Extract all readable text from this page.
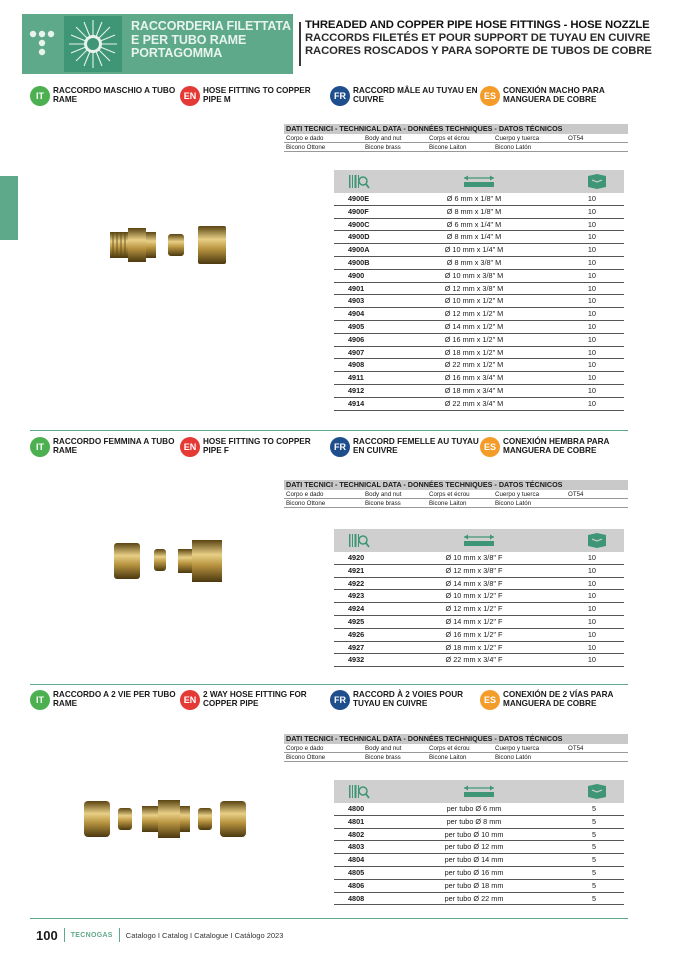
RACCORDERIA FILETTATA
E PER TUBO RAME
PORTAGOMMA
THREADED AND COPPER PIPE HOSE FITTINGS - HOSE NOZZLE
RACCORDS FILETÉS ET POUR SUPPORT DE TUYAU EN CUIVRE
RACORES ROSCADOS Y PARA SOPORTE DE TUBOS DE COBRE
IT
RACCORDO MASCHIO A TUBO
RAME	EN
HOSE FITTING TO COPPER
PIPE M	FR
RACCORD MÂLE AU TUYAU EN
CUIVRE	ES
CONEXIÓN MACHO PARA
MANGUERA DE COBRE
DATI TECNICI - TECHNICAL DATA - DONNÉES TECHNIQUES - DATOS TÉCNICOS
Corpo e dado	Body and nut	Corps et écrou	Cuerpo y tuerca	OT54
Bicono Ottone	Bicone brass	Bicone Laiton	Bicono Latón
4900E	Ø 6 mm x 1/8" M	10
4900F	Ø 8 mm x 1/8" M	10
4900C	Ø 6 mm x 1/4" M	10
4900D	Ø 8 mm x 1/4" M	10
4900A	Ø 10 mm x 1/4" M	10
4900B	Ø 8 mm x 3/8" M	10
4900	Ø 10 mm x 3/8" M	10
4901	Ø 12 mm x 3/8" M	10
4903	Ø 10 mm x 1/2" M	10
4904	Ø 12 mm x 1/2" M	10
4905	Ø 14 mm x 1/2" M	10
4906	Ø 16 mm x 1/2" M	10
4907	Ø 18 mm x 1/2" M	10
4908	Ø 22 mm x 1/2" M	10
4911	Ø 16 mm x 3/4" M	10
4912	Ø 18 mm x 3/4" M	10
4914	Ø 22 mm x 3/4" M	10
IT
RACCORDO FEMMINA A TUBO
RAME	EN
HOSE FITTING TO COPPER
PIPE F	FR
RACCORD FEMELLE AU TUYAU
EN CUIVRE	ES
CONEXIÓN HEMBRA PARA
MANGUERA DE COBRE
DATI TECNICI - TECHNICAL DATA - DONNÉES TECHNIQUES - DATOS TÉCNICOS
Corpo e dado	Body and nut	Corps et écrou	Cuerpo y tuerca	OT54
Bicono Ottone	Bicone brass	Bicone Laiton	Bicono Latón
4920	Ø 10 mm x 3/8" F	10
4921	Ø 12 mm x 3/8" F	10
4922	Ø 14 mm x 3/8" F	10
4923	Ø 10 mm x 1/2" F	10
4924	Ø 12 mm x 1/2" F	10
4925	Ø 14 mm x 1/2" F	10
4926	Ø 16 mm x 1/2" F	10
4927	Ø 18 mm x 1/2" F	10
4932	Ø 22 mm x 3/4" F	10
IT
RACCORDO A 2 VIE PER TUBO
RAME	EN
2 WAY HOSE FITTING FOR
COPPER PIPE	FR
RACCORD À 2 VOIES POUR
TUYAU EN CUIVRE	ES
CONEXIÓN DE 2 VÍAS PARA
MANGUERA DE COBRE
DATI TECNICI - TECHNICAL DATA - DONNÉES TECHNIQUES - DATOS TÉCNICOS
Corpo e dado	Body and nut	Corps et écrou	Cuerpo y tuerca	OT54
Bicono Ottone	Bicone brass	Bicone Laiton	Bicono Latón
4800	per tubo Ø 6 mm	5
4801	per tubo Ø 8 mm	5
4802	per tubo Ø 10 mm	5
4803	per tubo Ø 12 mm	5
4804	per tubo Ø 14 mm	5
4805	per tubo Ø 16 mm	5
4806	per tubo Ø 18 mm	5
4808	per tubo Ø 22 mm	5
100 TECNOGAS Catalogo I Catalog I Catalogue I Catálogo 2023
